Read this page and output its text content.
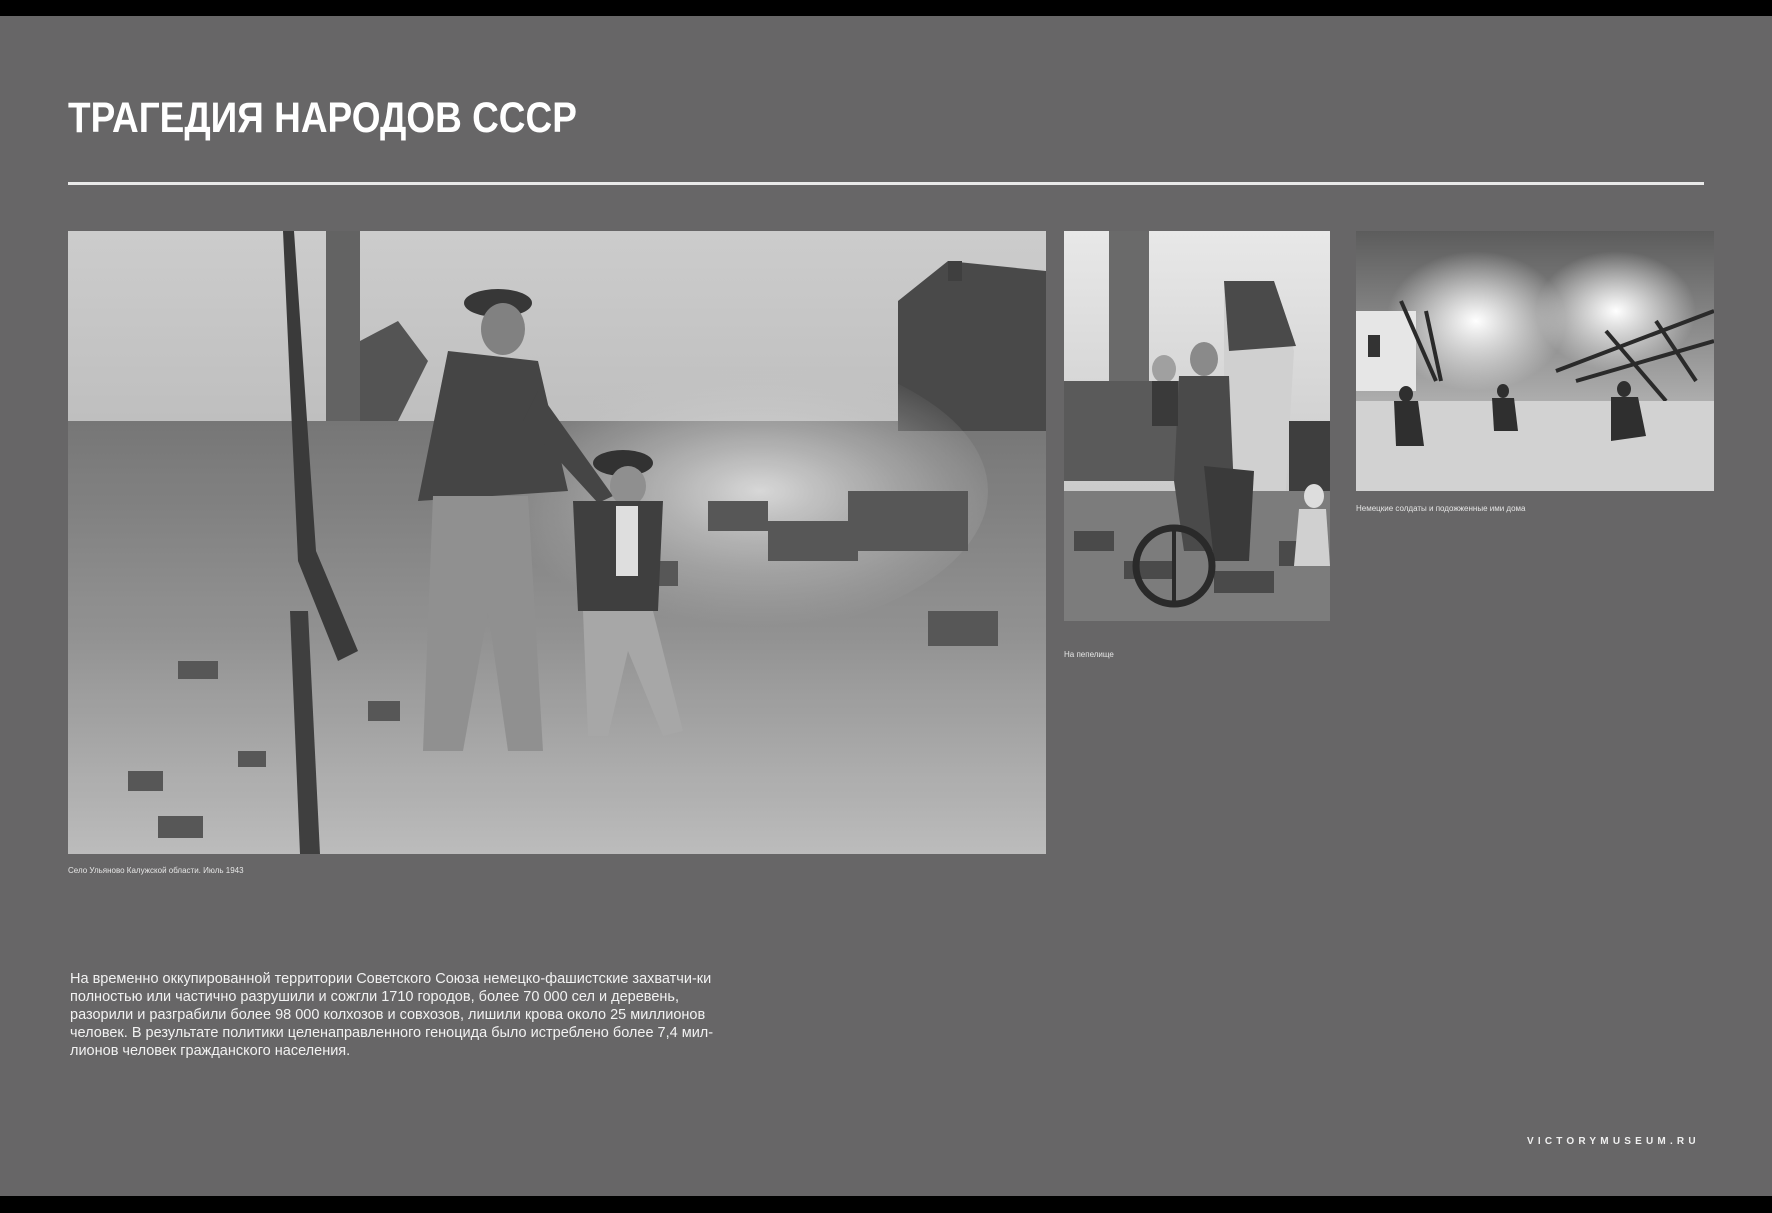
ТРАГЕДИЯ НАРОДОВ СССР
Село Ульяново Калужской области. Июль 1943
На пепелище
Немецкие солдаты и подожженные ими дома

На временно оккупированной территории Советского Союза немецко-фашистские захватчи-ки полностью или частично разрушили и сожгли 1710 городов, более 70 000 сел и деревень, разорили и разграбили более 98 000 колхозов и совхозов, лишили крова около 25 миллионов человек. В результате политики целенаправленного геноцида было истреблено более 7,4 мил-лионов человек гражданского населения.

VICTORYMUSEUM.RU
